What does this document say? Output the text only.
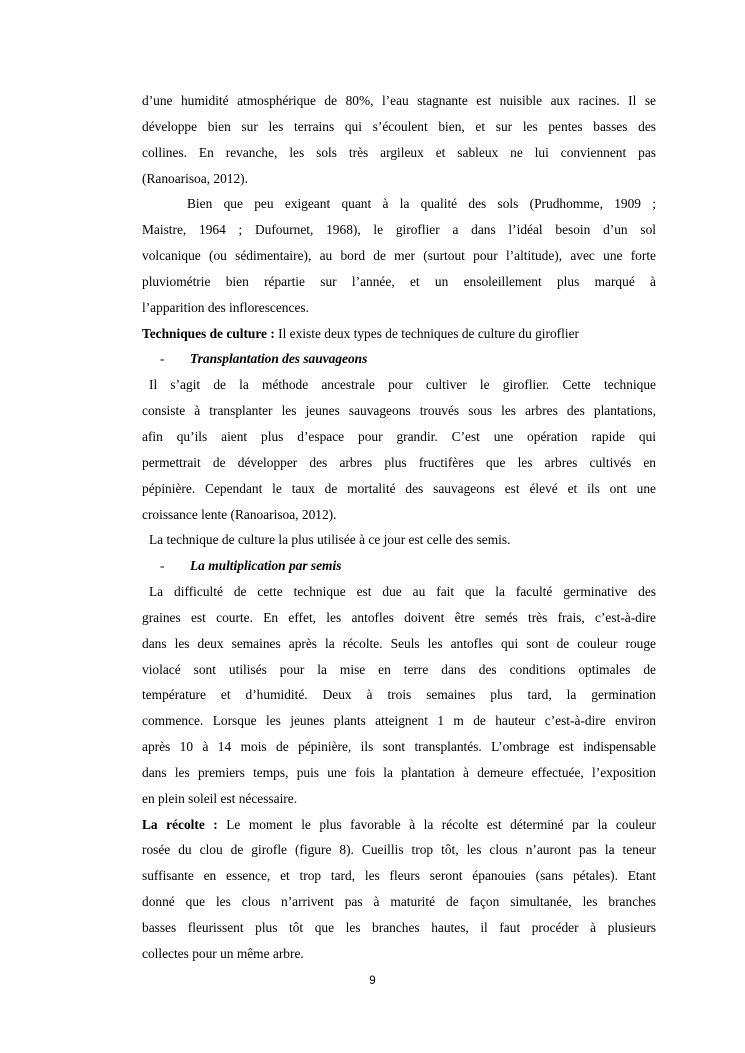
d’une humidité atmosphérique de 80%, l’eau stagnante est nuisible aux racines. Il se

développe bien sur les terrains qui s’écoulent bien, et sur les pentes basses des

collines. En revanche, les sols très argileux et sableux ne lui conviennent pas

(Ranoarisoa, 2012).

Bien que peu exigeant quant à la qualité des sols (Prudhomme, 1909 ;

Maistre, 1964 ; Dufournet, 1968), le giroflier a dans l’idéal besoin d’un sol

volcanique (ou sédimentaire), au bord de mer (surtout pour l’altitude), avec une forte

pluviométrie bien répartie sur l’année, et un ensoleillement plus marqué à

l’apparition des inflorescences.

Techniques de culture : Il existe deux types de techniques de culture du giroflier

-	Transplantation des sauvageons

Il s’agit de la méthode ancestrale pour cultiver le giroflier. Cette technique

consiste à transplanter les jeunes sauvageons trouvés sous les arbres des plantations,

afin qu’ils aient plus d’espace pour grandir. C’est une opération rapide qui

permettrait de développer des arbres plus fructifères que les arbres cultivés en

pépinière. Cependant le taux de mortalité des sauvageons est élevé et ils ont une

croissance lente (Ranoarisoa, 2012).

La technique de culture la plus utilisée à ce jour est celle des semis.

-	La multiplication par semis

La difficulté de cette technique est due au fait que la faculté germinative des

graines est courte. En effet, les antofles doivent être semés très frais, c’est-à-dire

dans les deux semaines après la récolte. Seuls les antofles qui sont de couleur rouge

violacé sont utilisés pour la mise en terre dans des conditions optimales de

température et d’humidité. Deux à trois semaines plus tard, la germination

commence. Lorsque les jeunes plants atteignent 1 m de hauteur c’est-à-dire environ

après 10 à 14 mois de pépinière, ils sont transplantés. L’ombrage est indispensable

dans les premiers temps, puis une fois la plantation à demeure effectuée, l’exposition

en plein soleil est nécessaire.

La récolte : Le moment le plus favorable à la récolte est déterminé par la couleur

rosée du clou de girofle (figure 8). Cueillis trop tôt, les clous n’auront pas la teneur

suffisante en essence, et trop tard, les fleurs seront épanouies (sans pétales). Etant

donné que les clous n’arrivent pas à maturité de façon simultanée, les branches

basses fleurissent plus tôt que les branches hautes, il faut procéder à plusieurs

collectes pour un même arbre.

9
